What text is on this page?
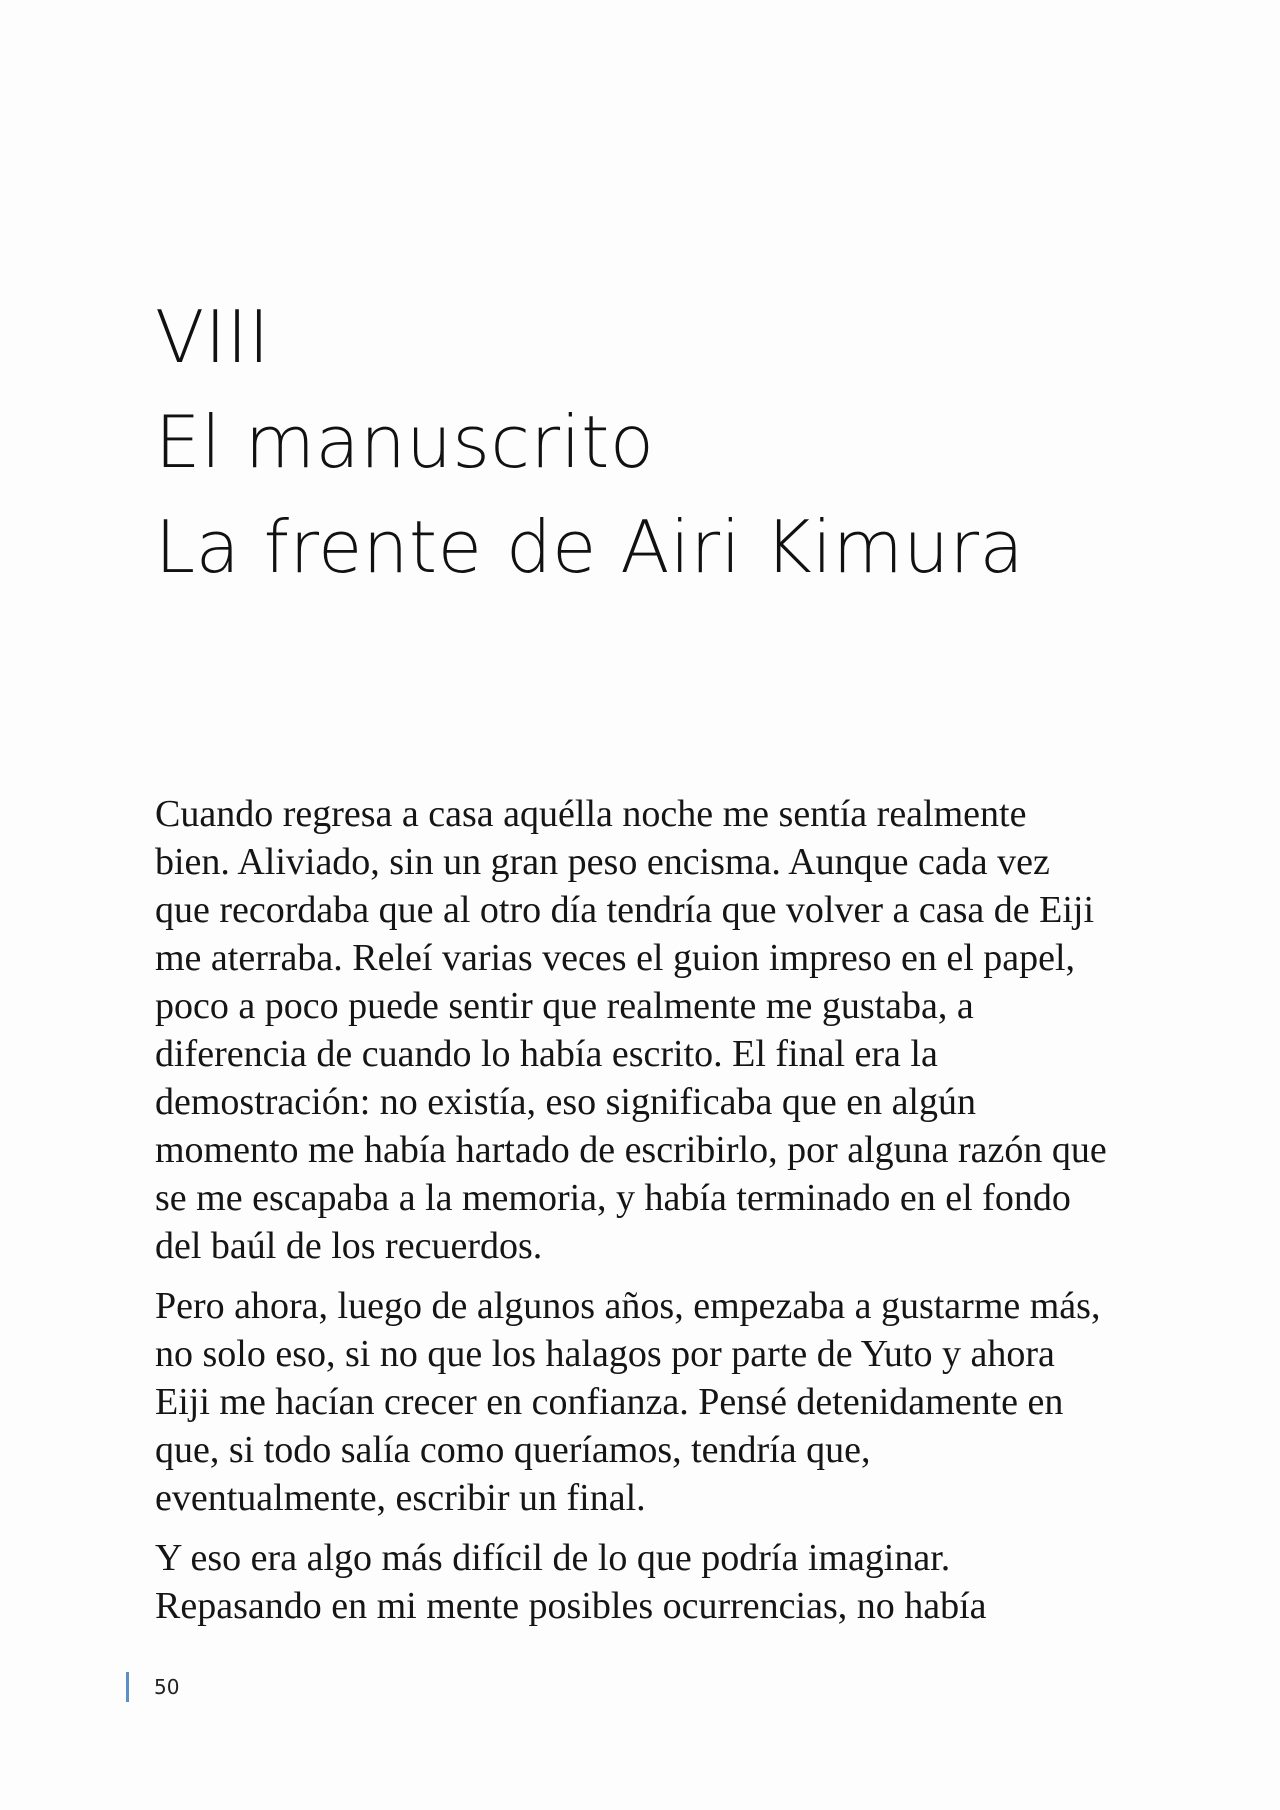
VIII
El manuscrito
La frente de Airi Kimura
Cuando regresa a casa aquélla noche me sentía realmente
bien. Aliviado, sin un gran peso encisma. Aunque cada vez
que recordaba que al otro día tendría que volver a casa de Eiji
me aterraba. Releí varias veces el guion impreso en el papel,
poco a poco puede sentir que realmente me gustaba, a
diferencia de cuando lo había escrito. El final era la
demostración: no existía, eso significaba que en algún
momento me había hartado de escribirlo, por alguna razón que
se me escapaba a la memoria, y había terminado en el fondo
del baúl de los recuerdos.
Pero ahora, luego de algunos años, empezaba a gustarme más,
no solo eso, si no que los halagos por parte de Yuto y ahora
Eiji me hacían crecer en confianza. Pensé detenidamente en
que, si todo salía como queríamos, tendría que,
eventualmente, escribir un final.
Y eso era algo más difícil de lo que podría imaginar.
Repasando en mi mente posibles ocurrencias, no había
50
